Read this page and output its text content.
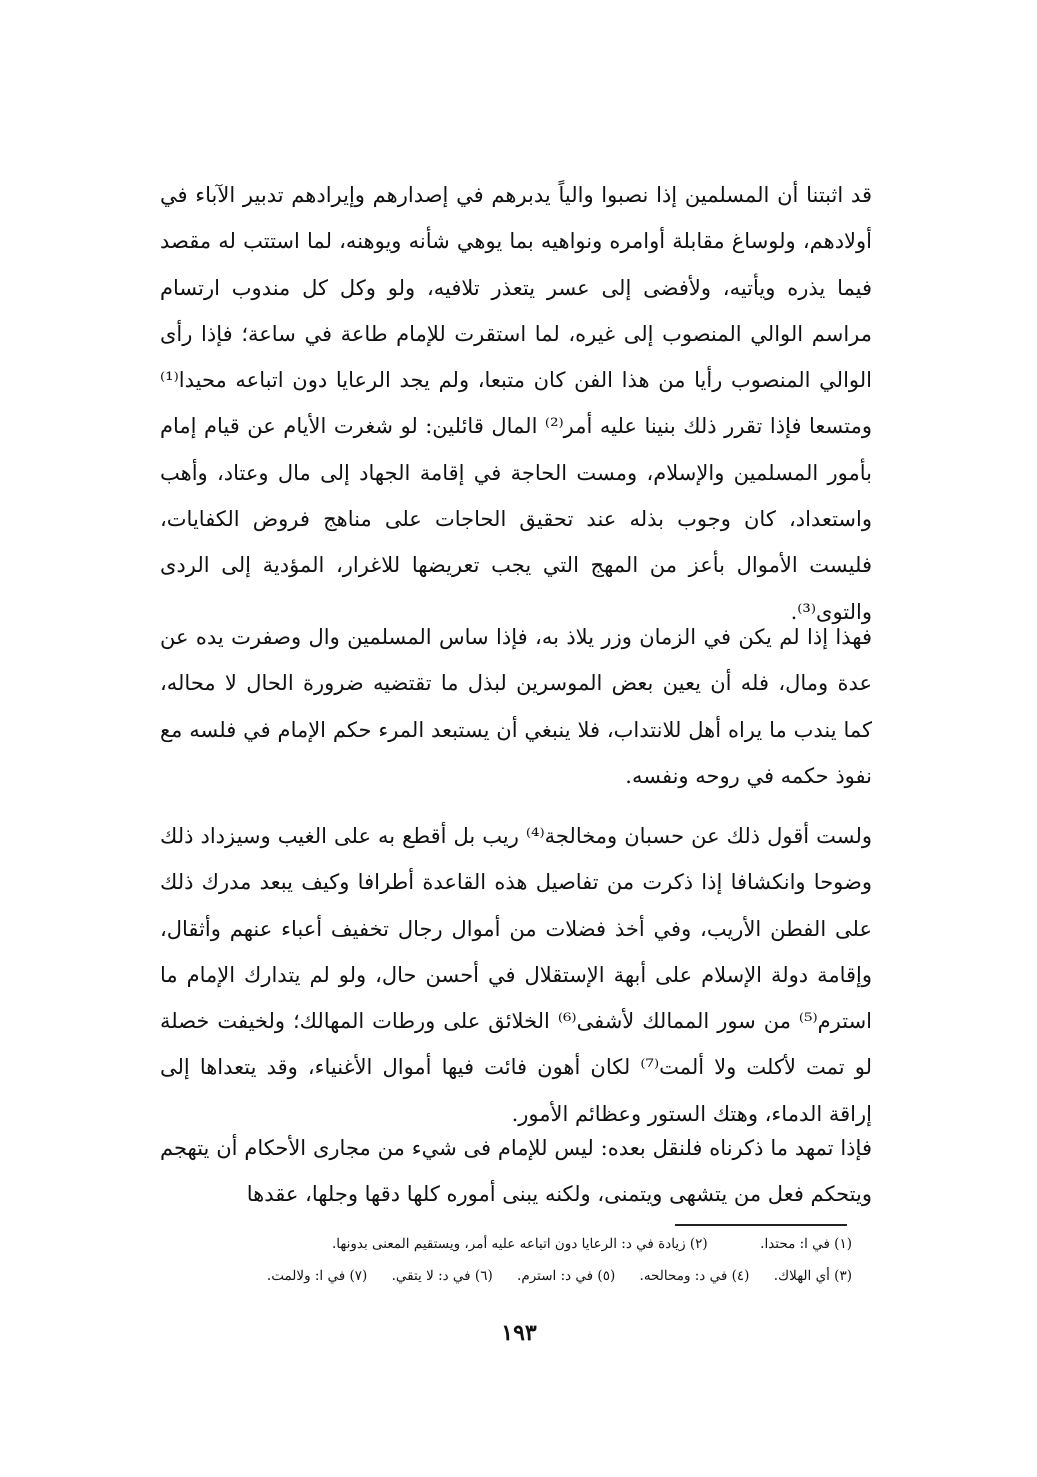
قد اثبتنا أن المسلمين إذا نصبوا والياً يدبرهم في إصدارهم وإيرادهم تدبير الآباء في أولادهم، ولوساغ مقابلة أوامره ونواهيه بما يوهي شأنه ويوهنه، لما استتب له مقصد فيما يذره ويأتيه، ولأفضى إلى عسر يتعذر تلافيه، ولو وكل كل مندوب ارتسام مراسم الوالي المنصوب إلى غيره، لما استقرت للإمام طاعة في ساعة؛ فإذا رأى الوالي المنصوب رأيا من هذا الفن كان متبعا، ولم يجد الرعايا دون اتباعه محيدا⁽¹⁾ ومتسعا فإذا تقرر ذلك بنينا عليه أمر⁽²⁾ المال قائلين: لو شغرت الأيام عن قيام إمام بأمور المسلمين والإسلام، ومست الحاجة في إقامة الجهاد إلى مال وعتاد، وأهب واستعداد، كان وجوب بذله عند تحقيق الحاجات على مناهج فروض الكفايات، فليست الأموال بأعز من المهج التي يجب تعريضها للاغرار، المؤدية إلى الردى والتوى⁽³⁾.

فهذا إذا لم يكن في الزمان وزر يلاذ به، فإذا ساس المسلمين وال وصفرت يده عن عدة ومال، فله أن يعين بعض الموسرين لبذل ما تقتضيه ضرورة الحال لا محاله، كما يندب ما يراه أهل للانتداب، فلا ينبغي أن يستبعد المرء حكم الإمام في فلسه مع نفوذ حكمه في روحه ونفسه.

ولست أقول ذلك عن حسبان ومخالجة⁽⁴⁾ ريب بل أقطع به على الغيب وسيزداد ذلك وضوحا وانكشافا إذا ذكرت من تفاصيل هذه القاعدة أطرافا وكيف يبعد مدرك ذلك على الفطن الأريب، وفي أخذ فضلات من أموال رجال تخفيف أعباء عنهم وأثقال، وإقامة دولة الإسلام على أبهة الإستقلال في أحسن حال، ولو لم يتدارك الإمام ما استرم⁽⁵⁾ من سور الممالك لأشفى⁽⁶⁾ الخلائق على ورطات المهالك؛ ولخيفت خصلة لو تمت لأكلت ولا ألمت⁽⁷⁾ لكان أهون فائت فيها أموال الأغنياء، وقد يتعداها إلى إراقة الدماء، وهتك الستور وعظائم الأمور.

فإذا تمهد ما ذكرناه فلنقل بعده: ليس للإمام فى شيء من مجارى الأحكام أن يتهجم ويتحكم فعل من يتشهى ويتمنى، ولكنه يبنى أموره كلها دقها وجلها، عقدها

(١) في ا: محتدا. (٢) زيادة في د: الرعايا دون اتباعه عليه أمر، ويستقيم المعنى بدونها.
(٣) أي الهلاك. (٤) في د: ومحالحه. (٥) في د: استرم. (٦) في د: لا يتقي. (٧) في ا: ولالمت.
١٩٣
